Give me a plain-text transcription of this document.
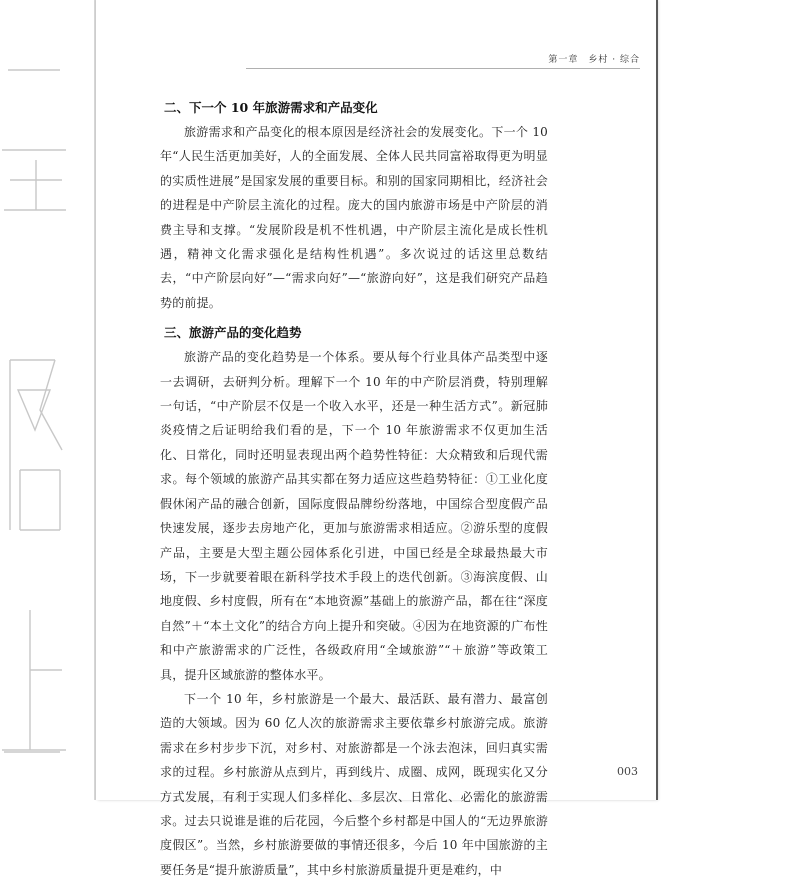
第一章　乡村 · 综合
二、下一个 10 年旅游需求和产品变化

旅游需求和产品变化的根本原因是经济社会的发展变化。下一个 10 年“人民生活更加美好，人的全面发展、全体人民共同富裕取得更为明显的实质性进展”是国家发展的重要目标。和别的国家同期相比，经济社会的进程是中产阶层主流化的过程。庞大的国内旅游市场是中产阶层的消费主导和支撑。“发展阶段是机不性机遇，中产阶层主流化是成长性机遇，精神文化需求强化是结构性机遇”。多次说过的话这里总数结去，“中产阶层向好”—“需求向好”—“旅游向好”，这是我们研究产品趋势的前提。

三、旅游产品的变化趋势

旅游产品的变化趋势是一个体系。要从每个行业具体产品类型中逐一去调研，去研判分析。理解下一个 10 年的中产阶层消费，特别理解一句话，“中产阶层不仅是一个收入水平，还是一种生活方式”。新冠肺炎疫情之后证明给我们看的是，下一个 10 年旅游需求不仅更加生活化、日常化，同时还明显表现出两个趋势性特征：大众精致和后现代需求。每个领域的旅游产品其实都在努力适应这些趋势特征：①工业化度假休闲产品的融合创新，国际度假品牌纷纷落地，中国综合型度假产品快速发展，逐步去房地产化，更加与旅游需求相适应。②游乐型的度假产品，主要是大型主题公园体系化引进，中国已经是全球最热最大市场，下一步就要着眼在新科学技术手段上的迭代创新。③海滨度假、山地度假、乡村度假，所有在“本地资源”基础上的旅游产品，都在往“深度自然”＋“本土文化”的结合方向上提升和突破。④因为在地资源的广布性和中产旅游需求的广泛性，各级政府用“全域旅游”“＋旅游”等政策工具，提升区域旅游的整体水平。

下一个 10 年，乡村旅游是一个最大、最活跃、最有潜力、最富创造的大领域。因为 60 亿人次的旅游需求主要依靠乡村旅游完成。旅游需求在乡村步步下沉，对乡村、对旅游都是一个泳去泡沫，回归真实需求的过程。乡村旅游从点到片，再到线片、成圈、成网，既现实化又分方式发展，有利于实现人们多样化、多层次、日常化、必需化的旅游需求。过去只说谁是谁的后花园，今后整个乡村都是中国人的“无边界旅游度假区”。当然，乡村旅游要做的事情还很多，今后 10 年中国旅游的主要任务是“提升旅游质量”，其中乡村旅游质量提升更是难约，中

003
